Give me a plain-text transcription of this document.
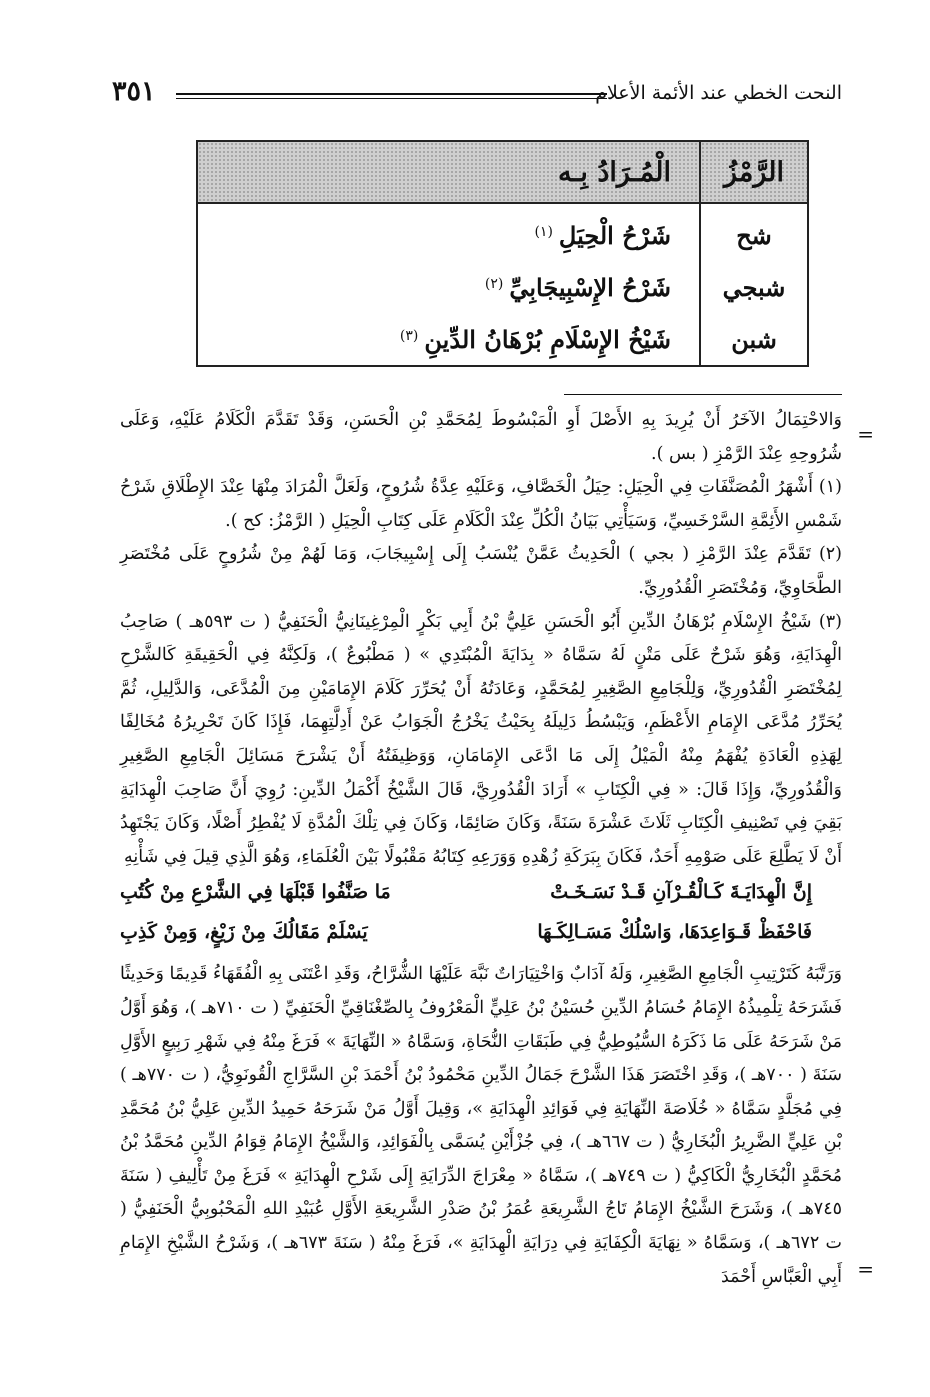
النحت الخطي عند الأئمة الأعلام
٣٥١
الرَّمْزُ	الْمُـرَادُ بِـه
شح	شَرْحُ الْحِيَلِ$^{(١)}$
شبجي	شَرْحُ الإِسْبِيجَابِيِّ$^{(٢)}$
شبن	شَيْخُ الإِسْلَامِ بُرْهَانُ الدِّينِ$^{(٣)}$
=

وَالاحْتِمَالُ الآخَرُ أَنْ يُرِيدَ بِهِ الأَصْلَ أَوِ الْمَبْسُوطَ لِمُحَمَّدِ بْنِ الْحَسَنِ، وَقَدْ تَقَدَّمَ الْكَلَامُ عَلَيْهِ، وَعَلَى شُرُوحِهِ عِنْدَ الرَّمْزِ ( بس ).

(١) أَشْهَرُ الْمُصَنَّفَاتِ فِي الْحِيَلِ: حِيَلُ الْخَصَّافِ، وَعَلَيْهِ عِدَّةُ شُرُوحٍ، وَلَعَلَّ الْمُرَادَ مِنْهَا عِنْدَ الإِطْلَاقِ شَرْحُ شَمْسِ الأَئِمَّةِ السَّرْخَسِيِّ، وَسَيَأْتِي بَيَانُ الْكُلِّ عِنْدَ الْكَلَامِ عَلَى كِتَابِ الْحِيَلِ ( الرَّمْزُ: كح ).

(٢) تَقَدَّمَ عِنْدَ الرَّمْزِ ( بجي ) الْحَدِيثُ عَمَّنْ يُنْسَبُ إِلَى إِسْبِيجَابَ، وَمَا لَهُمْ مِنْ شُرُوحٍ عَلَى مُخْتَصَرِ الطَّحَاوِيِّ، وَمُخْتَصَرِ الْقُدُورِيِّ.

(٣) شَيْخُ الإِسْلَامِ بُرْهَانُ الدِّينِ أَبُو الْحَسَنِ عَلِيُّ بْنُ أَبِي بَكْرٍ الْمِرْغِينَانِيُّ الْحَنَفِيُّ ( ت ٥٩٣هـ ) صَاحِبُ الْهِدَايَةِ، وَهُوَ شَرْحٌ عَلَى مَتْنٍ لَهُ سَمَّاهُ « بِدَايَةَ الْمُبْتَدِي » ( مَطْبُوعٌ )، وَلَكِنَّهُ فِي الْحَقِيقَةِ كَالشَّرْحِ لِمُخْتَصَرِ الْقُدُورِيِّ، وَلِلْجَامِعِ الصَّغِيرِ لِمُحَمَّدٍ، وَعَادَتُهُ أَنْ يُحَرِّرَ كَلَامَ الإِمَامَيْنِ مِنَ الْمُدَّعَى، وَالدَّلِيلِ، ثُمَّ يُحَرِّرُ مُدَّعَى الإِمَامِ الأَعْظَمِ، وَيَبْسُطُ دَلِيلَهُ بِحَيْثُ يَخْرُجُ الْجَوَابُ عَنْ أَدِلَّتِهِمَا، فَإِذَا كَانَ تَحْرِيرُهُ مُخَالِفًا لِهَذِهِ الْعَادَةِ يُفْهَمُ مِنْهُ الْمَيْلُ إِلَى مَا ادَّعَى الإِمَامَانِ، وَوَظِيفَتُهُ أَنْ يَشْرَحَ مَسَائِلَ الْجَامِعِ الصَّغِيرِ وَالْقُدُورِيِّ، وَإِذَا قَالَ: « فِي الْكِتَابِ » أَرَادَ الْقُدُورِيَّ، قَالَ الشَّيْخُ أَكْمَلُ الدِّينِ: رُوِيَ أَنَّ صَاحِبَ الْهِدَايَةِ بَقِيَ فِي تَصْنِيفِ الْكِتَابِ ثَلَاثَ عَشْرَةَ سَنَةً، وَكَانَ صَائِمًا، وَكَانَ فِي تِلْكَ الْمُدَّةِ لَا يُفْطِرُ أَصْلًا، وَكَانَ يَجْتَهِدُ أَنْ لَا يَطَّلِعَ عَلَى صَوْمِهِ أَحَدٌ، فَكَانَ بِبَرَكَةِ زُهْدِهِ وَوَرَعِهِ كِتَابُهُ مَقْبُولًا بَيْنَ الْعُلَمَاءِ، وَهُوَ الَّذِي قِيلَ فِي شَأْنِهِ

إِنَّ الْهِدَايَـةَ كَـالْقُـرْآنِ قَـدْ نَسَـخَـتْ
مَا صَنَّفُوا قَبْلَهَا فِي الشَّرْعِ مِنْ كُتُبِ
فَاحْفَظْ قَـوَاعِدَهَا، وَاسْلُكْ مَسَـالِكَـهَا
يَسْلَمْ مَقَالُكَ مِنْ زَيْغٍ، وَمِنْ كَذِبِ

وَرَتَّبَهُ كَتَرْتِيبِ الْجَامِعِ الصَّغِيرِ، وَلَهُ آدَابٌ وَاخْتِيَارَاتٌ نَبَّهَ عَلَيْهَا الشُّرَّاحُ، وَقَدِ اعْتَنَى بِهِ الْفُقَهَاءُ قَدِيمًا وَحَدِيثًا فَشَرَحَهُ تِلْمِيذُهُ الإِمَامُ حُسَامُ الدِّينِ حُسَيْنُ بْنُ عَلِيٍّ الْمَعْرُوفُ بِالصِّغْنَاقِيِّ الْحَنَفِيِّ ( ت ٧١٠هـ )، وَهُوَ أَوَّلُ مَنْ شَرَحَهُ عَلَى مَا ذَكَرَهُ السُّيُوطِيُّ فِي طَبَقَاتِ النُّحَاةِ، وَسَمَّاهُ « النِّهَايَةَ » فَرَغَ مِنْهُ فِي شَهْرِ رَبِيعٍ الأَوَّلِ سَنَةَ ( ٧٠٠هـ )، وَقَدِ اخْتَصَرَ هَذَا الشَّرْحَ جَمَالُ الدِّينِ مَحْمُودُ بْنُ أَحْمَدَ بْنِ السَّرَّاجِ الْقُونَوِيُّ، ( ت ٧٧٠هـ ) فِي مُجَلَّدٍ سَمَّاهُ « خُلَاصَةَ النِّهَايَةِ فِي فَوَائِدِ الْهِدَايَةِ »، وَقِيلَ أَوَّلُ مَنْ شَرَحَهُ حَمِيدُ الدِّينِ عَلِيُّ بْنُ مُحَمَّدِ بْنِ عَلِيٍّ الضَّرِيرُ الْبُخَارِيُّ ( ت ٦٦٧هـ )، فِي جُزْأَيْنِ يُسَمَّى بِالْفَوَائِدِ، وَالشَّيْخُ الإِمَامُ قِوَامُ الدِّينِ مُحَمَّدُ بْنُ مُحَمَّدٍ الْبُخَارِيُّ الْكَاكِيُّ ( ت ٧٤٩هـ )، سَمَّاهُ « مِعْرَاجَ الدِّرَايَةِ إِلَى شَرْحِ الْهِدَايَةِ » فَرَغَ مِنْ تَأْلِيفِ ( سَنَةَ ٧٤٥هـ )، وَشَرَحَ الشَّيْخُ الإِمَامُ تَاجُ الشَّرِيعَةِ عُمَرُ بْنُ صَدْرِ الشَّرِيعَةِ الأَوَّلِ عُبَيْدِ اللهِ الْمَحْبُوبِيُّ الْحَنَفِيُّ ( ت ٦٧٢هـ )، وَسَمَّاهُ « نِهَايَةَ الْكِفَايَةِ فِي دِرَايَةِ الْهِدَايَةِ »، فَرَغَ مِنْهُ ( سَنَةَ ٦٧٣هـ )، وَشَرْحُ الشَّيْخِ الإِمَامِ أَبِي الْعَبَّاسِ أَحْمَدَ =
